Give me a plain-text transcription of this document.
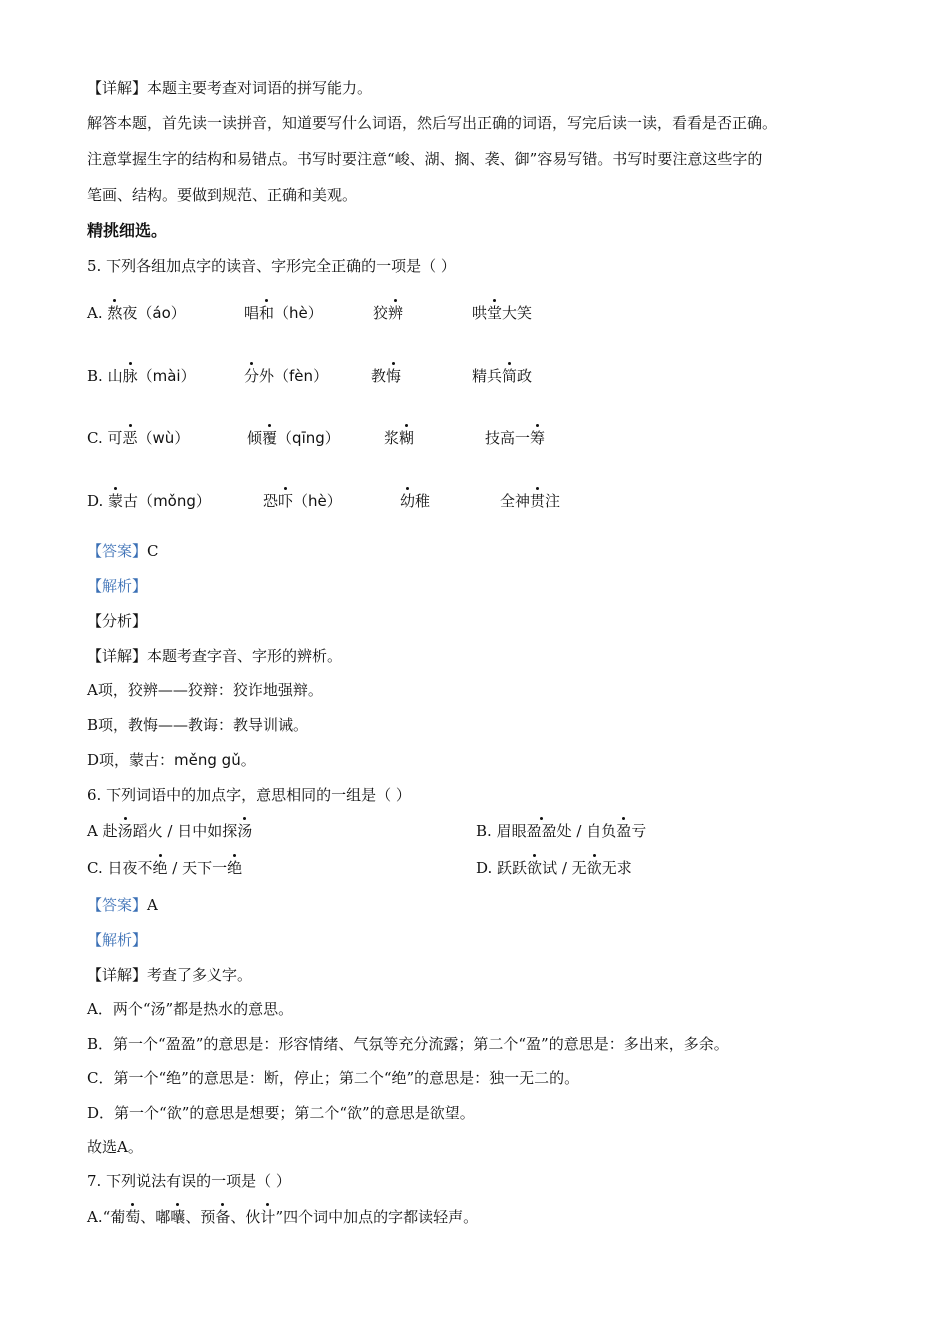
【详解】本题主要考查对词语的拼写能力。
解答本题，首先读一读拼音，知道要写什么词语，然后写出正确的词语，写完后读一读，看看是否正确。
注意掌握生字的结构和易错点。书写时要注意“峻、湖、搁、袭、御”容易写错。书写时要注意这些字的
笔画、结构。要做到规范、正确和美观。
精挑细选。
5. 下列各组加点字的读音、字形完全正确的一项是（ ）
A. 熬夜（áo）	唱和（hè）	狡辨	哄堂大笑
B. 山脉（mài）	分外（fèn）	教悔	精兵简政
C. 可恶（wù）	倾覆（qīng）	浆糊	技高一筹
D. 蒙古（mǒng）	恐吓（hè）	幼稚	全神贯注
【答案】C
【解析】
【分析】
【详解】本题考查字音、字形的辨析。
A项，狡辨——狡辩：狡诈地强辩。
B项，教悔——教诲：教导训诫。
D项，蒙古：měng gǔ。
6. 下列词语中的加点字，意思相同的一组是（ ）
A 赴汤蹈火 / 日中如探汤	B. 眉眼盈盈处 / 自负盈亏
C. 日夜不绝 / 天下一绝	D. 跃跃欲试 / 无欲无求
【答案】A
【解析】
【详解】考查了多义字。
A．两个“汤”都是热水的意思。
B．第一个“盈盈”的意思是：形容情绪、气氛等充分流露；第二个“盈”的意思是：多出来，多余。
C．第一个“绝”的意思是：断，停止；第二个“绝”的意思是：独一无二的。
D．第一个“欲”的意思是想要；第二个“欲”的意思是欲望。
故选A。
7. 下列说法有误的一项是（ ）
A.“葡萄、嘟囔、预备、伙计”四个词中加点的字都读轻声。
